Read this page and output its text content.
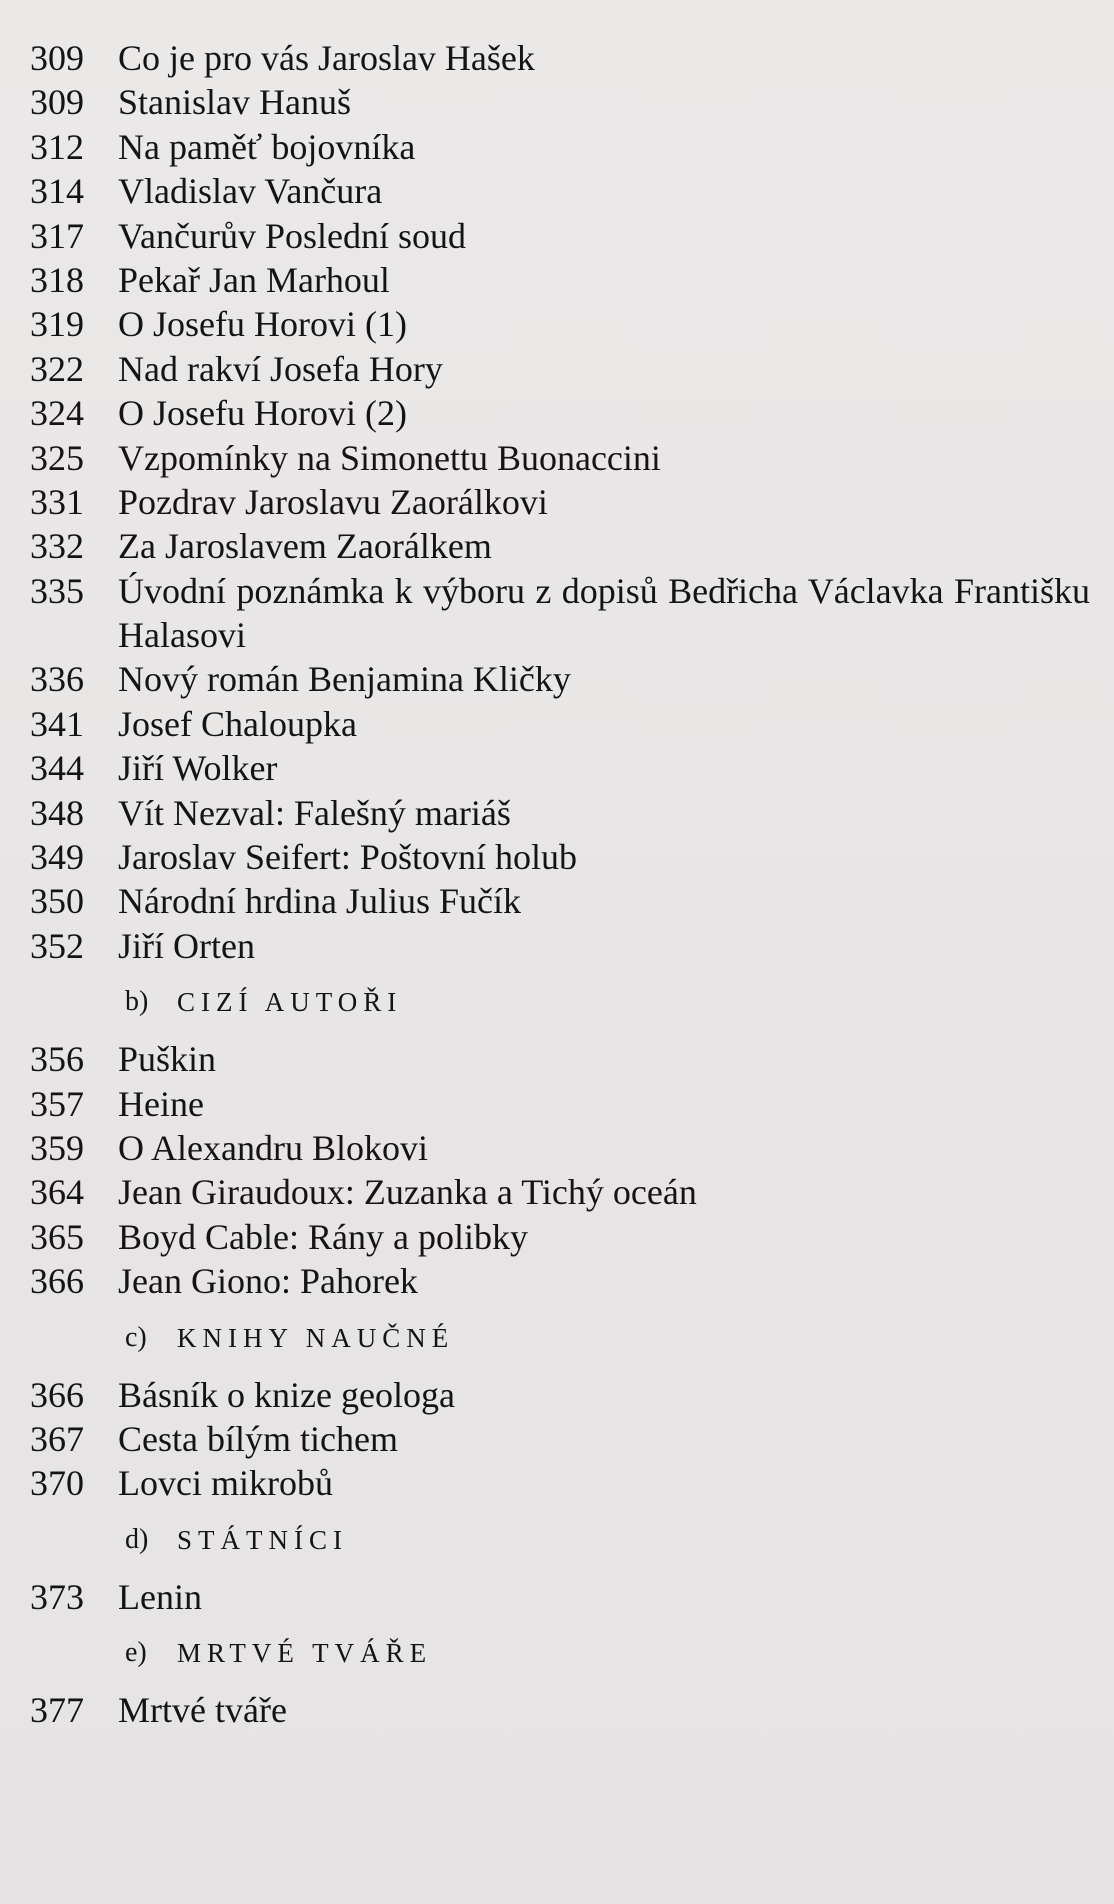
309 Co je pro vás Jaroslav Hašek
309 Stanislav Hanuš
312 Na paměť bojovníka
314 Vladislav Vančura
317 Vančurův Poslední soud
318 Pekař Jan Marhoul
319 O Josefu Horovi (1)
322 Nad rakví Josefa Hory
324 O Josefu Horovi (2)
325 Vzpomínky na Simonettu Buonaccini
331 Pozdrav Jaroslavu Zaorálkovi
332 Za Jaroslavem Zaorálkem
335 Úvodní poznámka k výboru z dopisů Bedřicha Václavka Františku Halasovi
336 Nový román Benjamina Kličky
341 Josef Chaloupka
344 Jiří Wolker
348 Vít Nezval: Falešný mariáš
349 Jaroslav Seifert: Poštovní holub
350 Národní hrdina Julius Fučík
352 Jiří Orten
b) CIZÍ AUTOŘI
356 Puškin
357 Heine
359 O Alexandru Blokovi
364 Jean Giraudoux: Zuzanka a Tichý oceán
365 Boyd Cable: Rány a polibky
366 Jean Giono: Pahorek
c) KNIHY NAUČNÉ
366 Básník o knize geologa
367 Cesta bílým tichem
370 Lovci mikrobů
d) STÁTNÍCI
373 Lenin
e) MRTVÉ TVÁŘE
377 Mrtvé tváře
